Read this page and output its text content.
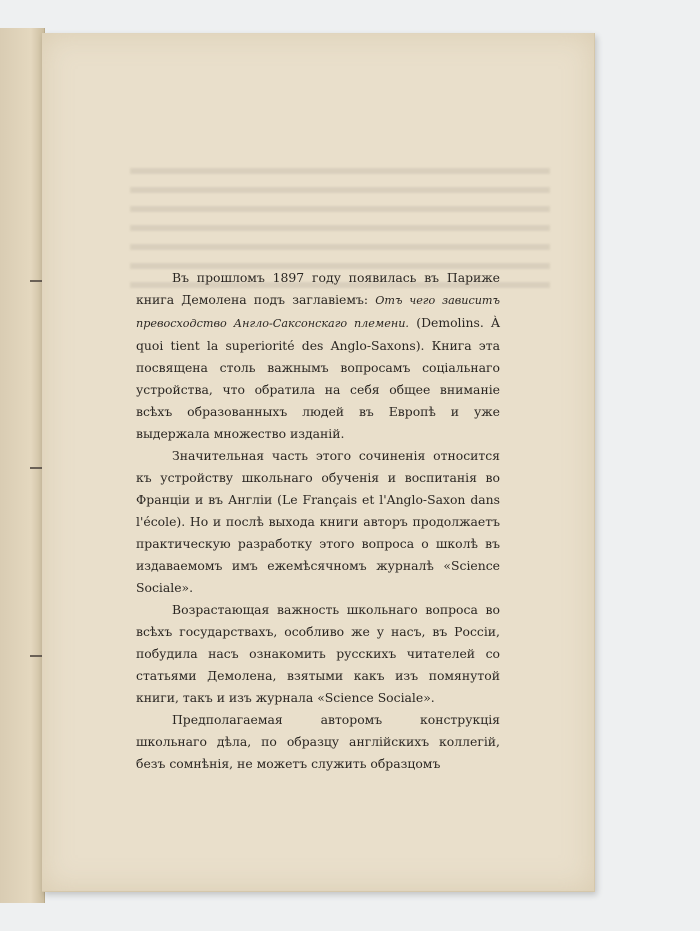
Въ прошломъ 1897 году появилась въ Париже книга Демолена подъ заглавiемъ: Отъ чего зависитъ превосходство Англо-Саксонскаго племени. (Demolins. À quoi tient la superiorité des Anglo-Saxons). Книга эта посвящена столь важнымъ вопросамъ соцiальнаго устройства, что обратила на себя общее вниманiе всѣхъ образованныхъ людей въ Европѣ и уже выдержала множество изданiй.

Значительная часть этого сочиненiя относится къ устройству школьнаго обученiя и воспитанiя во Францiи и въ Англiи (Le Français et l'Anglo-Saxon dans l'école). Но и послѣ выхода книги авторъ продолжаетъ практическую разработку этого вопроса о школѣ въ издаваемомъ имъ ежемѣсячномъ журналѣ «Science Sociale».

Возрастающая важность школьнаго вопроса во всѣхъ государствахъ, особливо же у насъ, въ Россiи, побудила насъ ознакомить русскихъ читателей со статьями Демолена, взятыми какъ изъ помянутой книги, такъ и изъ журнала «Science Sociale».

Предполагаемая авторомъ конструкцiя школьнаго дѣла, по образцу англiйскихъ коллегiй, безъ сомнѣнiя, не можетъ служить образцомъ
